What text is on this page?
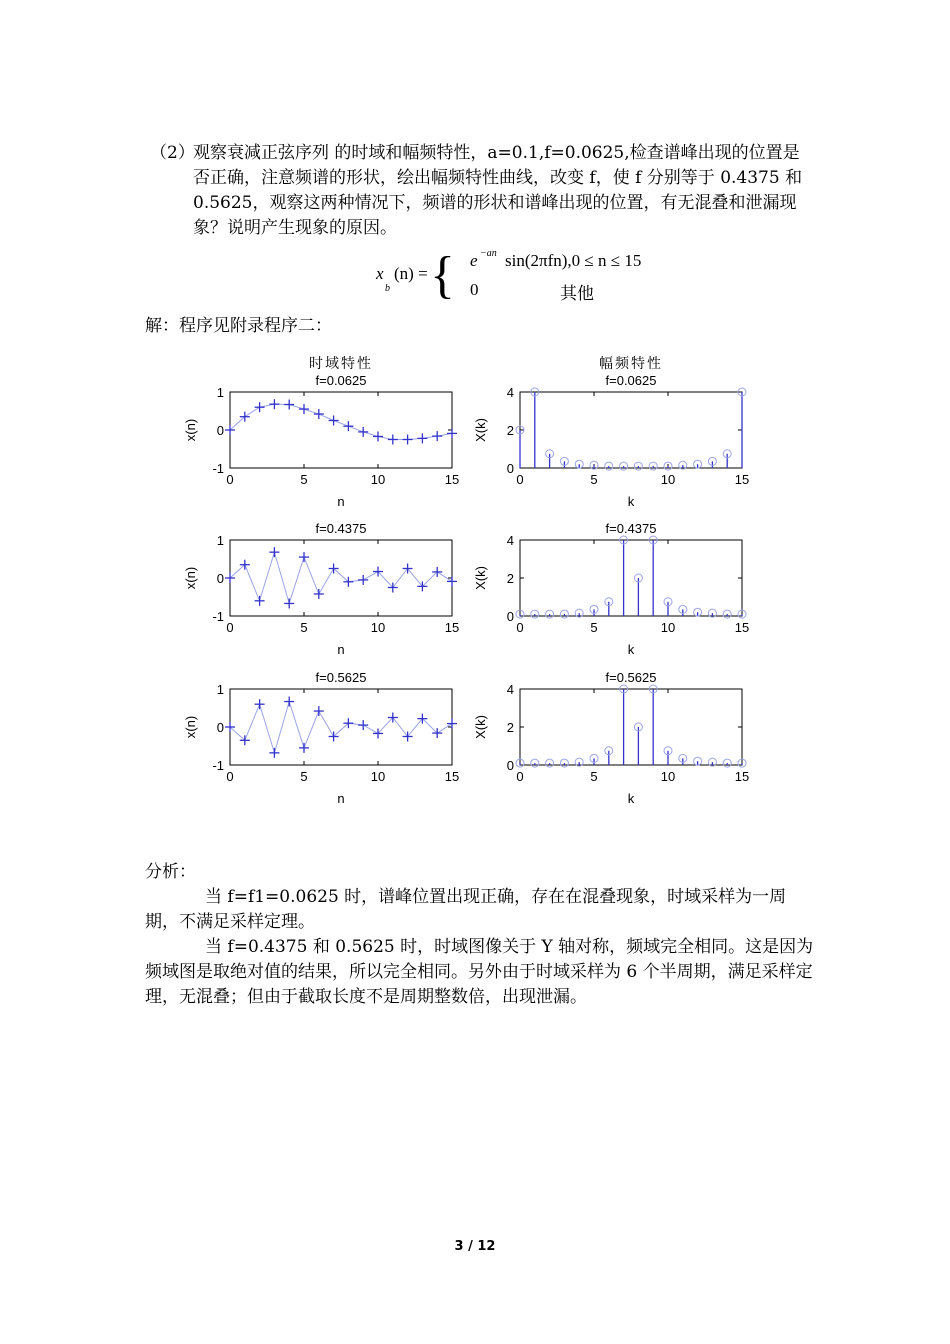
（2）
观察衰减正弦序列 的时域和幅频特性，a=0.1,f=0.0625,检查谱峰出现的位置是否正确，注意频谱的形状，绘出幅频特性曲线，改变 f，使 f 分别等于 0.4375 和 0.5625，观察这两种情况下，频谱的形状和谱峰出现的位置，有无混叠和泄漏现象？说明产生现象的原因。
x
b
(n) = { e −an sin(2πfn),0 ≤ n ≤ 15
0	其他
解：程序见附录程序二：
时域特性
f=0.0625
0	5	10	15
-1
0
1
n
x(n)
幅频特性
f=0.0625
0	5	10	15
0
2
4
k
X(k)
f=0.4375
0	5	10	15
-1
0
1
n
x(n)
f=0.4375
0	5	10	15
0
2
4
k
X(k)
f=0.5625
0	5	10	15
-1
0
1
n
x(n)
f=0.5625
0	5	10	15
0
2
4
k
X(k)
分析：
当 f=f1=0.0625 时，谱峰位置出现正确，存在在混叠现象，时域采样为一周期，不满足采样定理。
当 f=0.4375 和 0.5625 时，时域图像关于 Y 轴对称，频域完全相同。这是因为频域图是取绝对值的结果，所以完全相同。另外由于时域采样为 6 个半周期，满足采样定理，无混叠；但由于截取长度不是周期整数倍，出现泄漏。
3 / 12
